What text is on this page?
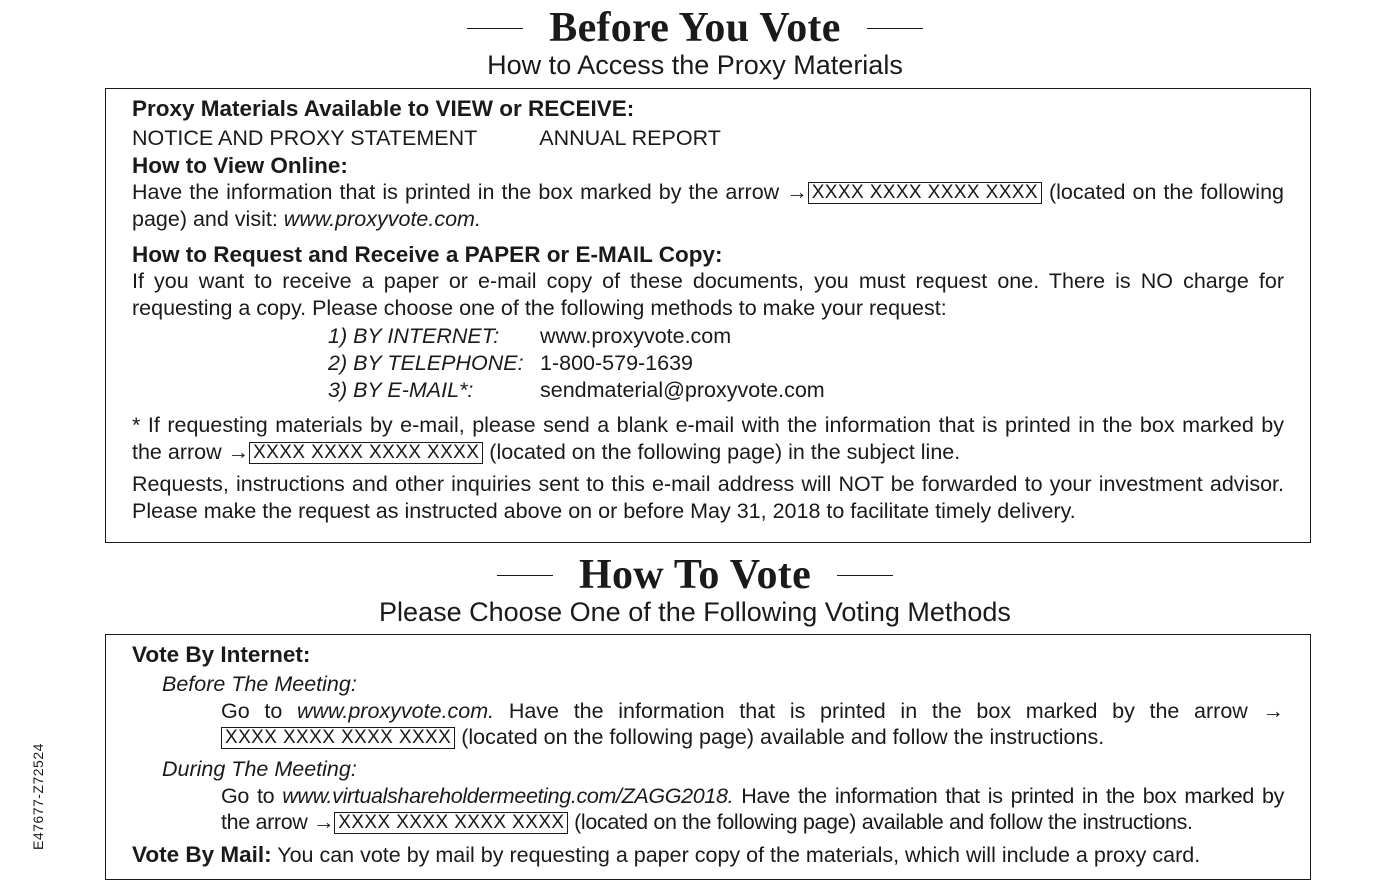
Before You Vote
How to Access the Proxy Materials
Proxy Materials Available to VIEW or RECEIVE:
NOTICE AND PROXY STATEMENT	ANNUAL REPORT
How to View Online:
Have the information that is printed in the box marked by the arrow → XXXX XXXX XXXX XXXX (located on the following page) and visit: www.proxyvote.com.
How to Request and Receive a PAPER or E-MAIL Copy:
If you want to receive a paper or e-mail copy of these documents, you must request one. There is NO charge for requesting a copy. Please choose one of the following methods to make your request:
1) BY INTERNET: www.proxyvote.com
2) BY TELEPHONE: 1-800-579-1639
3) BY E-MAIL*:	sendmaterial@proxyvote.com
* If requesting materials by e-mail, please send a blank e-mail with the information that is printed in the box marked by the arrow → XXXX XXXX XXXX XXXX (located on the following page) in the subject line.
Requests, instructions and other inquiries sent to this e-mail address will NOT be forwarded to your investment advisor. Please make the request as instructed above on or before May 31, 2018 to facilitate timely delivery.
How To Vote
Please Choose One of the Following Voting Methods
Vote By Internet:
Before The Meeting:
Go to www.proxyvote.com. Have the information that is printed in the box marked by the arrow →XXXX XXXX XXXX XXXX (located on the following page) available and follow the instructions.
During The Meeting:
Go to www.virtualshareholdermeeting.com/ZAGG2018. Have the information that is printed in the box marked by the arrow → XXXX XXXX XXXX XXXX (located on the following page) available and follow the instructions.
Vote By Mail: You can vote by mail by requesting a paper copy of the materials, which will include a proxy card.
E47677-Z72524
